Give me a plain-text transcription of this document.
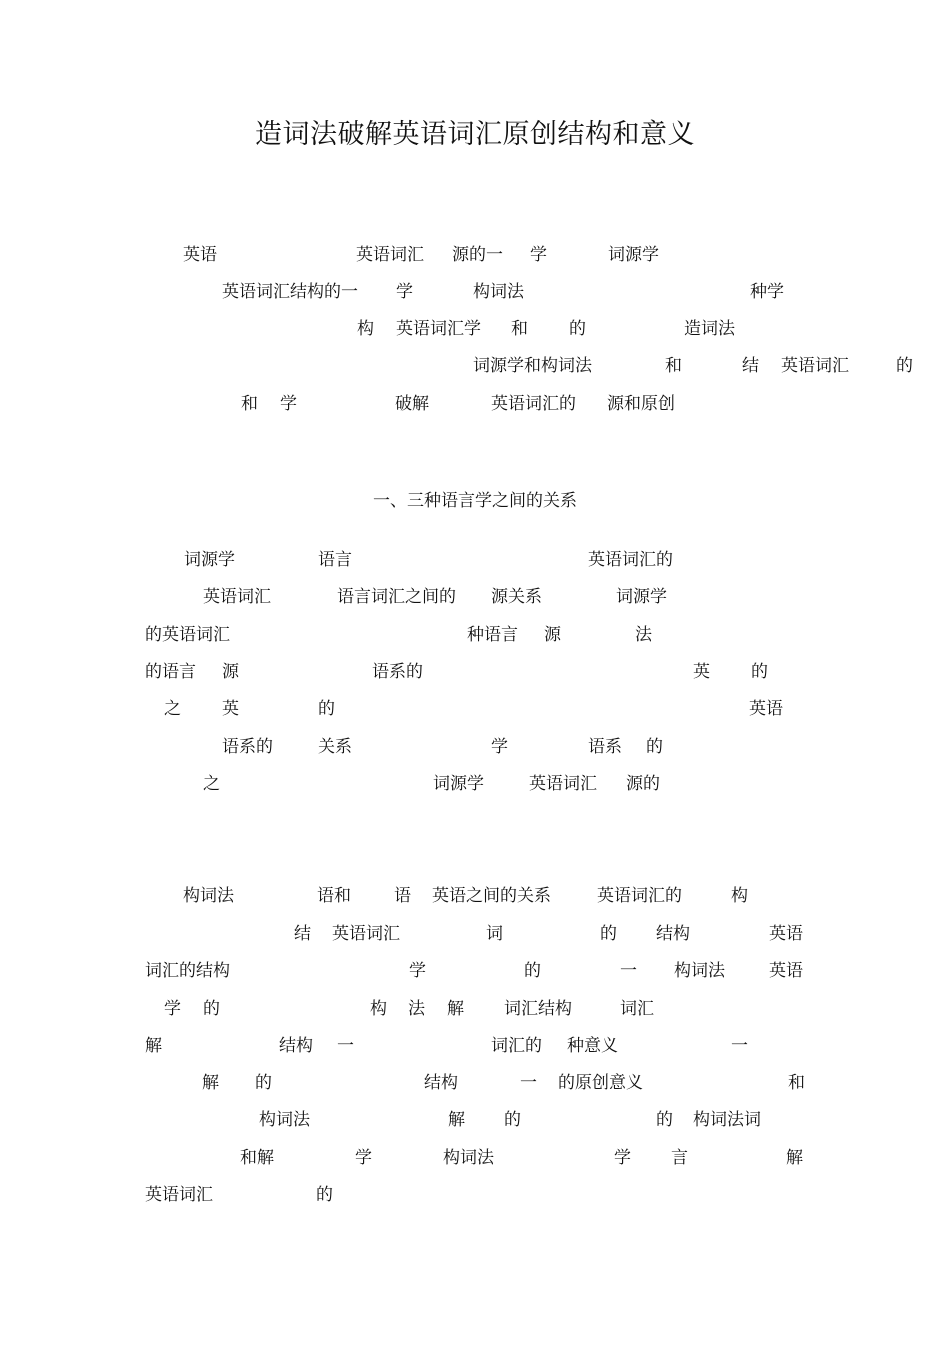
造词法破解英语词汇原创结构和意义
一、三种语言学之间的关系
英语	英语词汇 源的一 学	词源学
英语词汇结构的一 学	构词法	种学
构 英语词汇学 和 的	造词法
词源学和构词法	和	结 英语词汇	的
和 学	破解	英语词汇的 源和原创
词源学	语言	英语词汇的
英语词汇	语言词汇之间的 源关系	词源学
的英语词汇	种语言 源	法
的语言 源	语系的	英 的
之 英	的	英语
语系的	关系	学	语系 的
之	词源学	英语词汇 源的
构词法	语和	语 英语之间的关系	英语词汇的	构
结 英语词汇	词	的 结构	英语
词汇的结构	学	的	一 构词法	英语
学 的	构 法 解 词汇结构	词汇
解	结构 一	词汇的 种意义	一
解 的	结构	一 的原创意义	和
构词法	解 的	的 构词法词
和解	学	构词法	学 言	解
英语词汇	的
